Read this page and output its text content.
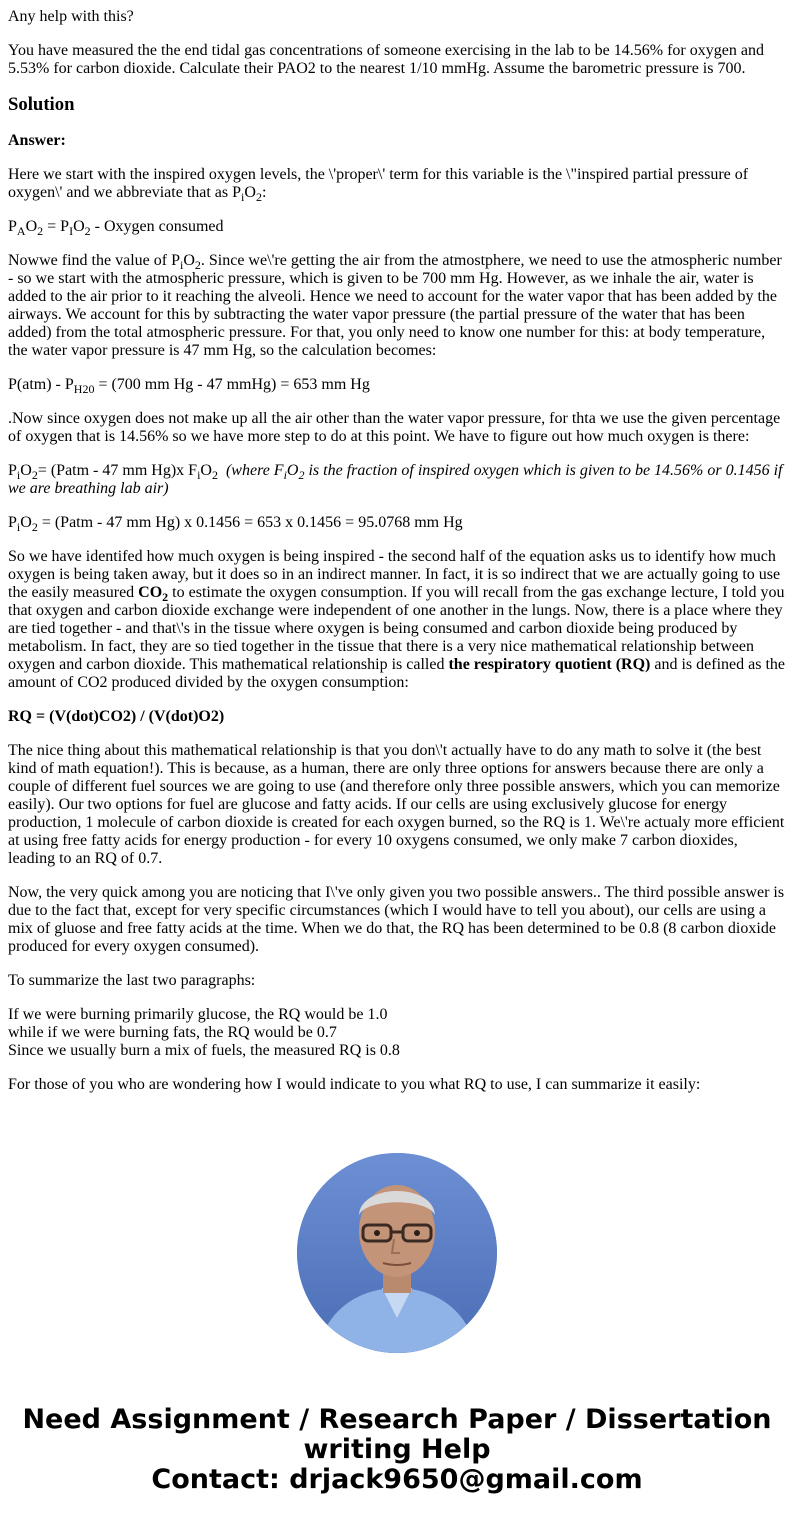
Any help with this?

You have measured the the end tidal gas concentrations of someone exercising in the lab to be 14.56% for oxygen and 5.53% for carbon dioxide. Calculate their PAO2 to the nearest 1/10 mmHg. Assume the barometric pressure is 700.

Solution

Answer:

Here we start with the inspired oxygen levels, the \'proper\' term for this variable is the \"inspired partial pressure of oxygen\' and we abbreviate that as $P_iO_2$:

$P_AO_2 = P_IO_2$ - Oxygen consumed

Nowwe find the value of $P_iO_2$. Since we\'re getting the air from the atmostphere, we need to use the atmospheric number - so we start with the atmospheric pressure, which is given to be 700 mm Hg. However, as we inhale the air, water is added to the air prior to it reaching the alveoli. Hence we need to account for the water vapor that has been added by the airways. We account for this by subtracting the water vapor pressure (the partial pressure of the water that has been added) from the total atmospheric pressure. For that, you only need to know one number for this: at body temperature, the water vapor pressure is 47 mm Hg, so the calculation becomes:

$P(atm) - P_{H20} = (700$ mm Hg - 47 mmHg) = 653 mm Hg

.Now since oxygen does not make up all the air other than the water vapor pressure, for thta we use the given percentage of oxygen that is 14.56% so we have more step to do at this point. We have to figure out how much oxygen is there:

$P_iO_2=$ (Patm - 47 mm Hg)x $F_iO_2$ (where $F_iO_2$ is the fraction of inspired oxygen which is given to be 14.56% or 0.1456 if we are breathing lab air)

$P_iO_2$ = (Patm - 47 mm Hg) x 0.1456 = 653 x 0.1456 = 95.0768 mm Hg

So we have identifed how much oxygen is being inspired - the second half of the equation asks us to identify how much oxygen is being taken away, but it does so in an indirect manner. In fact, it is so indirect that we are actually going to use the easily measured $CO_2$ to estimate the oxygen consumption. If you will recall from the gas exchange lecture, I told you that oxygen and carbon dioxide exchange were independent of one another in the lungs. Now, there is a place where they are tied together - and that\'s in the tissue where oxygen is being consumed and carbon dioxide being produced by metabolism. In fact, they are so tied together in the tissue that there is a very nice mathematical relationship between oxygen and carbon dioxide. This mathematical relationship is called the respiratory quotient (RQ) and is defined as the amount of CO2 produced divided by the oxygen consumption:

RQ = (V(dot)CO2) / (V(dot)O2)

The nice thing about this mathematical relationship is that you don\'t actually have to do any math to solve it (the best kind of math equation!). This is because, as a human, there are only three options for answers because there are only a couple of different fuel sources we are going to use (and therefore only three possible answers, which you can memorize easily). Our two options for fuel are glucose and fatty acids. If our cells are using exclusively glucose for energy production, 1 molecule of carbon dioxide is created for each oxygen burned, so the RQ is 1. We\'re actualy more efficient at using free fatty acids for energy production - for every 10 oxygens consumed, we only make 7 carbon dioxides, leading to an RQ of 0.7.

Now, the very quick among you are noticing that I\'ve only given you two possible answers.. The third possible answer is due to the fact that, except for very specific circumstances (which I would have to tell you about), our cells are using a mix of gluose and free fatty acids at the time. When we do that, the RQ has been determined to be 0.8 (8 carbon dioxide produced for every oxygen consumed).

To summarize the last two paragraphs:

If we were burning primarily glucose, the RQ would be 1.0
while if we were burning fats, the RQ would be 0.7
Since we usually burn a mix of fuels, the measured RQ is 0.8

For those of you who are wondering how I would indicate to you what RQ to use, I can summarize it easily:

Need Assignment / Research Paper / Dissertation
writing Help
Contact: drjack9650@gmail.com
